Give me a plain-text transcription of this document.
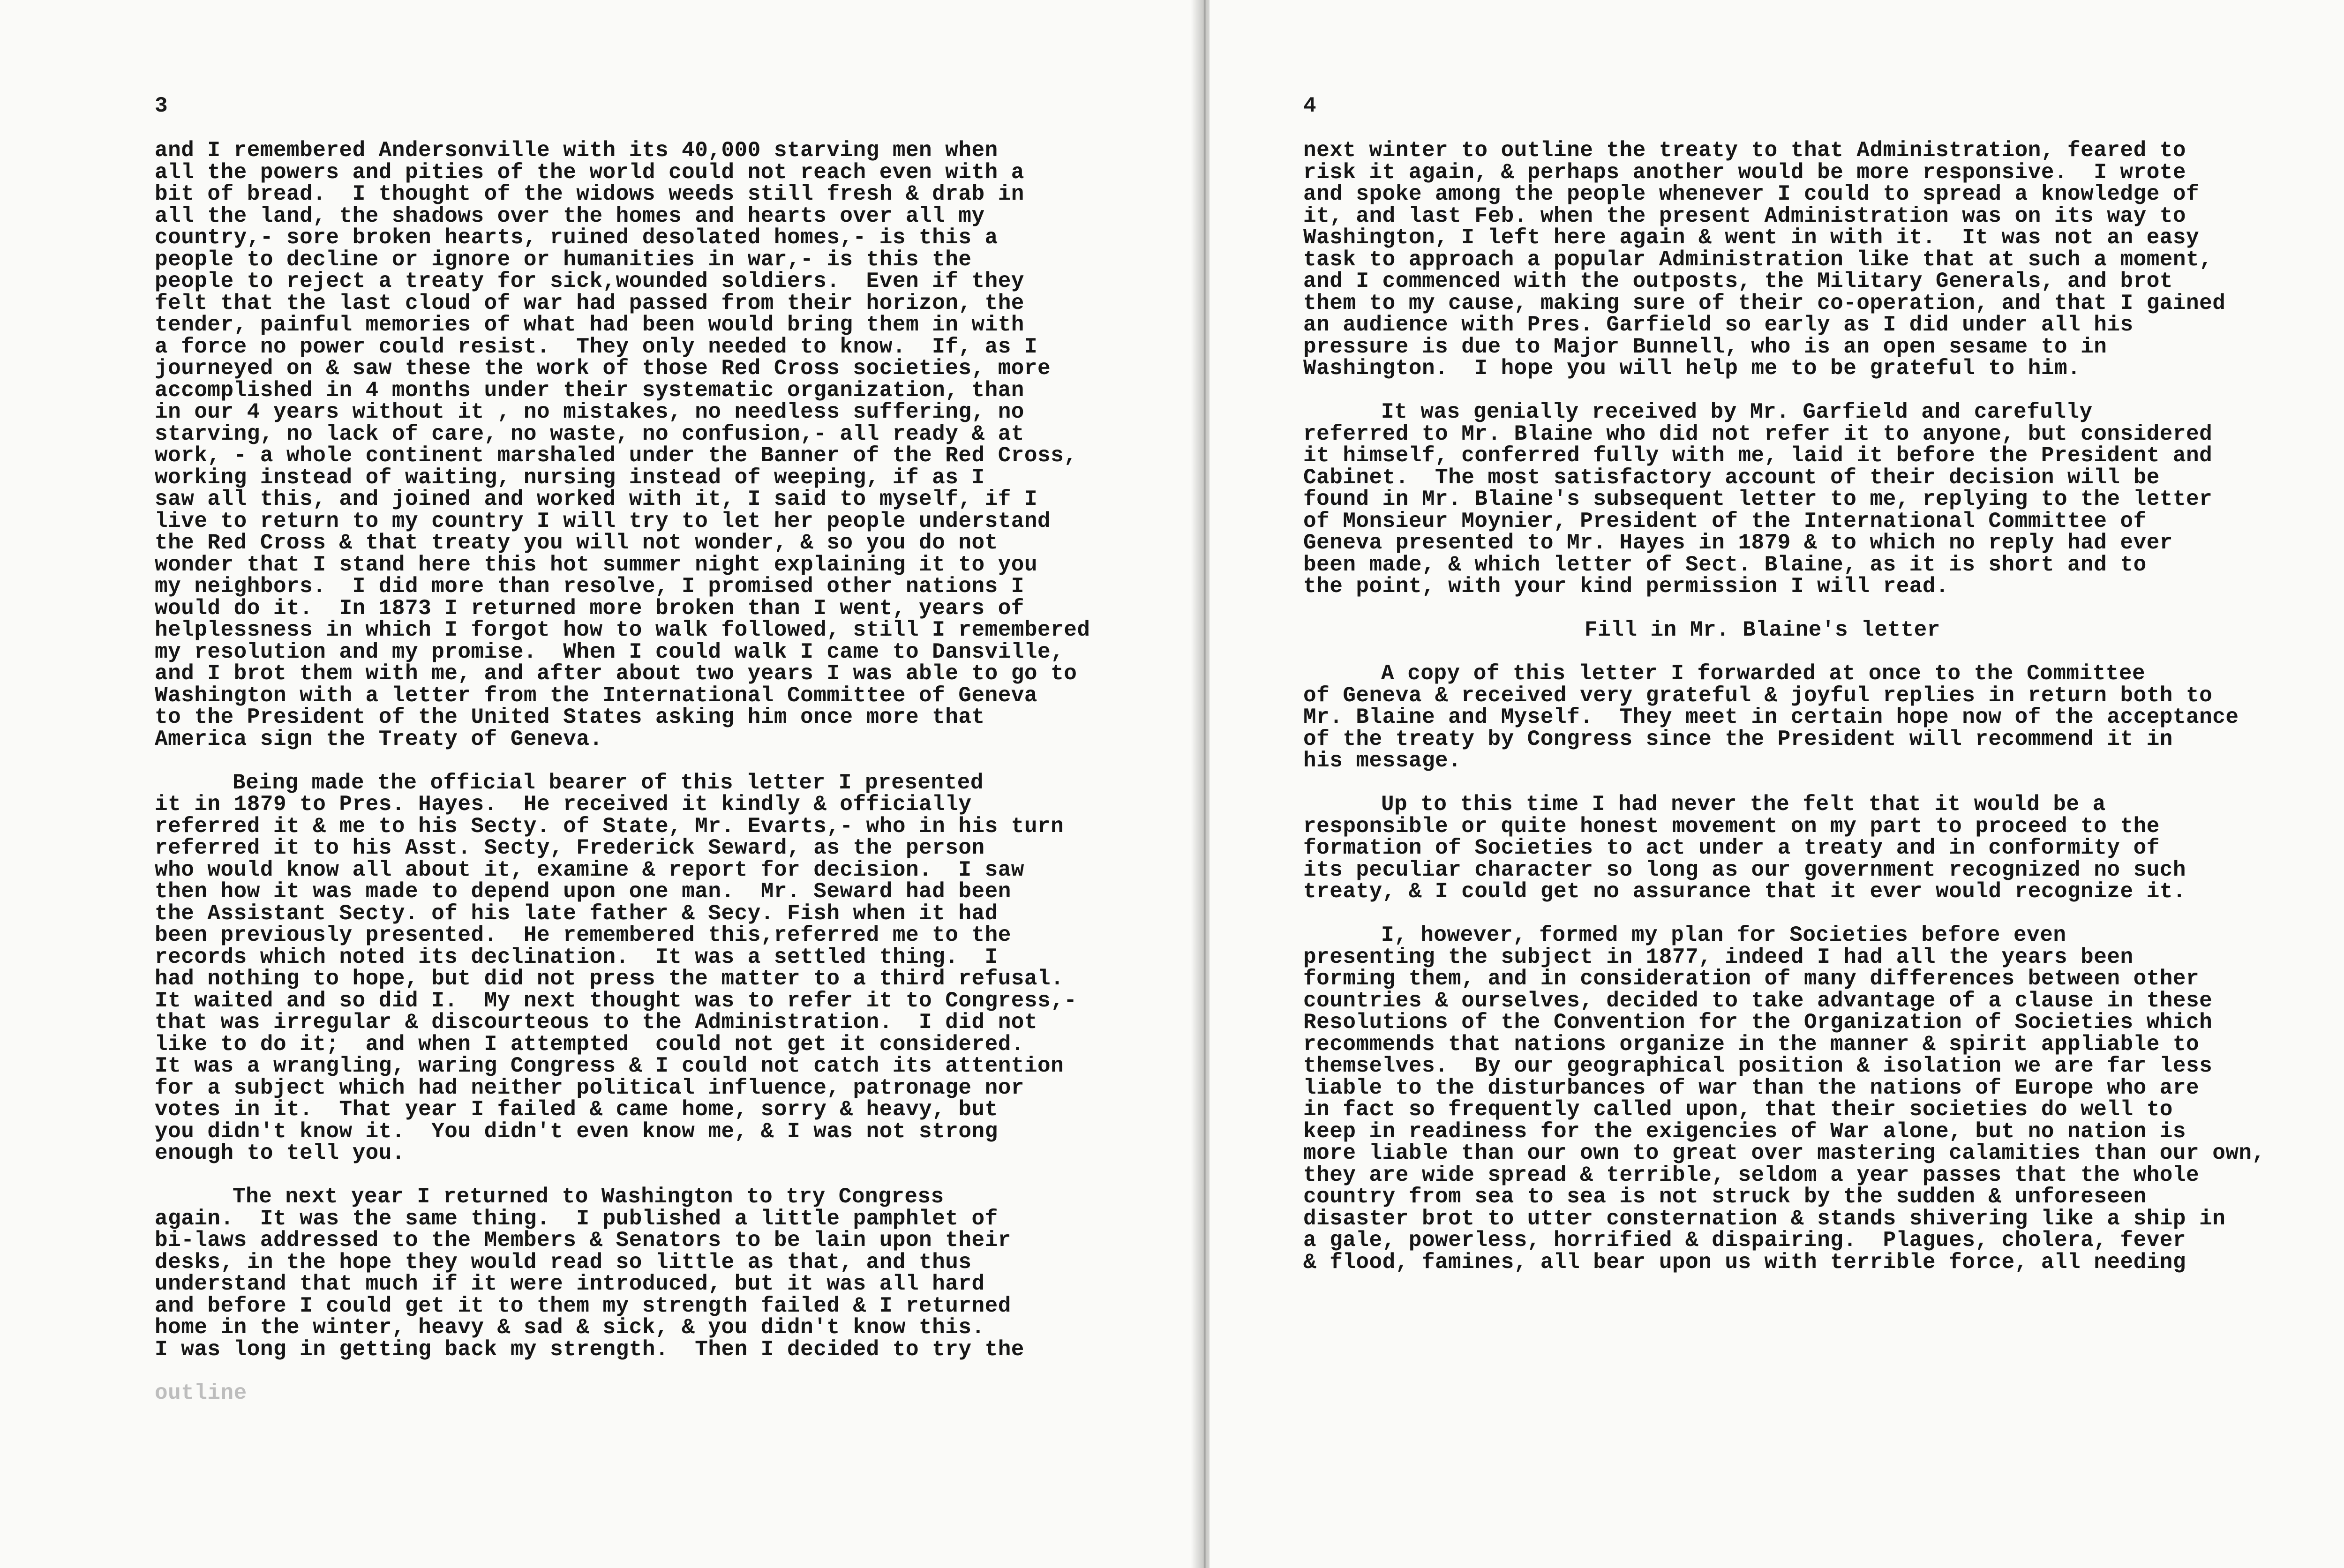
3
and I remembered Andersonville with its 40,000 starving men when
all the powers and pities of the world could not reach even with a
bit of bread.  I thought of the widows weeds still fresh & drab in
all the land, the shadows over the homes and hearts over all my
country,- sore broken hearts, ruined desolated homes,- is this a
people to decline or ignore or humanities in war,- is this the
people to reject a treaty for sick,wounded soldiers.  Even if they
felt that the last cloud of war had passed from their horizon, the
tender, painful memories of what had been would bring them in with
a force no power could resist.  They only needed to know.  If, as I
journeyed on & saw these the work of those Red Cross societies, more
accomplished in 4 months under their systematic organization, than
in our 4 years without it , no mistakes, no needless suffering, no
starving, no lack of care, no waste, no confusion,- all ready & at
work, - a whole continent marshaled under the Banner of the Red Cross,
working instead of waiting, nursing instead of weeping, if as I
saw all this, and joined and worked with it, I said to myself, if I
live to return to my country I will try to let her people understand
the Red Cross & that treaty you will not wonder, & so you do not
wonder that I stand here this hot summer night explaining it to you
my neighbors.  I did more than resolve, I promised other nations I
would do it.  In 1873 I returned more broken than I went, years of
helplessness in which I forgot how to walk followed, still I remembered
my resolution and my promise.  When I could walk I came to Dansville,
and I brot them with me, and after about two years I was able to go to
Washington with a letter from the International Committee of Geneva
to the President of the United States asking him once more that
America sign the Treaty of Geneva.
Being made the official bearer of this letter I presented
it in 1879 to Pres. Hayes.  He received it kindly & officially
referred it & me to his Secty. of State, Mr. Evarts,- who in his turn
referred it to his Asst. Secty, Frederick Seward, as the person
who would know all about it, examine & report for decision.  I saw
then how it was made to depend upon one man.  Mr. Seward had been
the Assistant Secty. of his late father & Secy. Fish when it had
been previously presented.  He remembered this,referred me to the
records which noted its declination.  It was a settled thing.  I
had nothing to hope, but did not press the matter to a third refusal.
It waited and so did I.  My next thought was to refer it to Congress,-
that was irregular & discourteous to the Administration.  I did not
like to do it;  and when I attempted  could not get it considered.
It was a wrangling, waring Congress & I could not catch its attention
for a subject which had neither political influence, patronage nor
votes in it.  That year I failed & came home, sorry & heavy, but
you didn't know it.  You didn't even know me, & I was not strong
enough to tell you.
The next year I returned to Washington to try Congress
again.  It was the same thing.  I published a little pamphlet of
bi-laws addressed to the Members & Senators to be lain upon their
desks, in the hope they would read so little as that, and thus
understand that much if it were introduced, but it was all hard
and before I could get it to them my strength failed & I returned
home in the winter, heavy & sad & sick, & you didn't know this.
I was long in getting back my strength.  Then I decided to try the
outline
4
next winter to outline the treaty to that Administration, feared to
risk it again, & perhaps another would be more responsive.  I wrote
and spoke among the people whenever I could to spread a knowledge of
it, and last Feb. when the present Administration was on its way to
Washington, I left here again & went in with it.  It was not an easy
task to approach a popular Administration like that at such a moment,
and I commenced with the outposts, the Military Generals, and brot
them to my cause, making sure of their co-operation, and that I gained
an audience with Pres. Garfield so early as I did under all his
pressure is due to Major Bunnell, who is an open sesame to in
Washington.  I hope you will help me to be grateful to him.
It was genially received by Mr. Garfield and carefully
referred to Mr. Blaine who did not refer it to anyone, but considered
it himself, conferred fully with me, laid it before the President and
Cabinet.  The most satisfactory account of their decision will be
found in Mr. Blaine's subsequent letter to me, replying to the letter
of Monsieur Moynier, President of the International Committee of
Geneva presented to Mr. Hayes in 1879 & to which no reply had ever
been made, & which letter of Sect. Blaine, as it is short and to
the point, with your kind permission I will read.
Fill in Mr. Blaine's letter
A copy of this letter I forwarded at once to the Committee
of Geneva & received very grateful & joyful replies in return both to
Mr. Blaine and Myself.  They meet in certain hope now of the acceptance
of the treaty by Congress since the President will recommend it in
his message.
Up to this time I had never the felt that it would be a
responsible or quite honest movement on my part to proceed to the
formation of Societies to act under a treaty and in conformity of
its peculiar character so long as our government recognized no such
treaty, & I could get no assurance that it ever would recognize it.
I, however, formed my plan for Societies before even
presenting the subject in 1877, indeed I had all the years been
forming them, and in consideration of many differences between other
countries & ourselves, decided to take advantage of a clause in these
Resolutions of the Convention for the Organization of Societies which
recommends that nations organize in the manner & spirit appliable to
themselves.  By our geographical position & isolation we are far less
liable to the disturbances of war than the nations of Europe who are
in fact so frequently called upon, that their societies do well to
keep in readiness for the exigencies of War alone, but no nation is
more liable than our own to great over mastering calamities than our own,
they are wide spread & terrible, seldom a year passes that the whole
country from sea to sea is not struck by the sudden & unforeseen
disaster brot to utter consternation & stands shivering like a ship in
a gale, powerless, horrified & dispairing.  Plagues, cholera, fever
& flood, famines, all bear upon us with terrible force, all needing
